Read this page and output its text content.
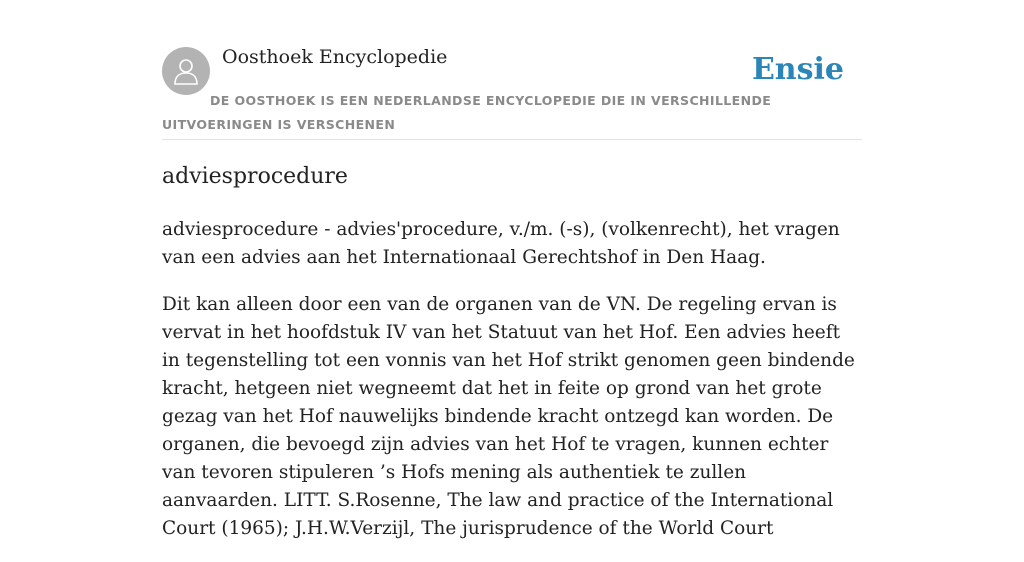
Oosthoek Encyclopedie	Ensie
DE OOSTHOEK IS EEN NEDERLANDSE ENCYCLOPEDIE DIE IN VERSCHILLENDE UITVOERINGEN IS VERSCHENEN
adviesprocedure

adviesprocedure - advies'procedure, v./m. (-s), (volkenrecht), het vragen van een advies aan het Internationaal Gerechtshof in Den Haag.

Dit kan alleen door een van de organen van de VN. De regeling ervan is vervat in het hoofdstuk IV van het Statuut van het Hof. Een advies heeft in tegenstelling tot een vonnis van het Hof strikt genomen geen bindende kracht, hetgeen niet wegneemt dat het in feite op grond van het grote gezag van het Hof nauwelijks bindende kracht ontzegd kan worden. De organen, die bevoegd zijn advies van het Hof te vragen, kunnen echter van tevoren stipuleren ’s Hofs mening als authentiek te zullen aanvaarden. LITT. S.Rosenne, The law and practice of the International Court (1965); J.H.W.Verzijl, The jurisprudence of the World Court
